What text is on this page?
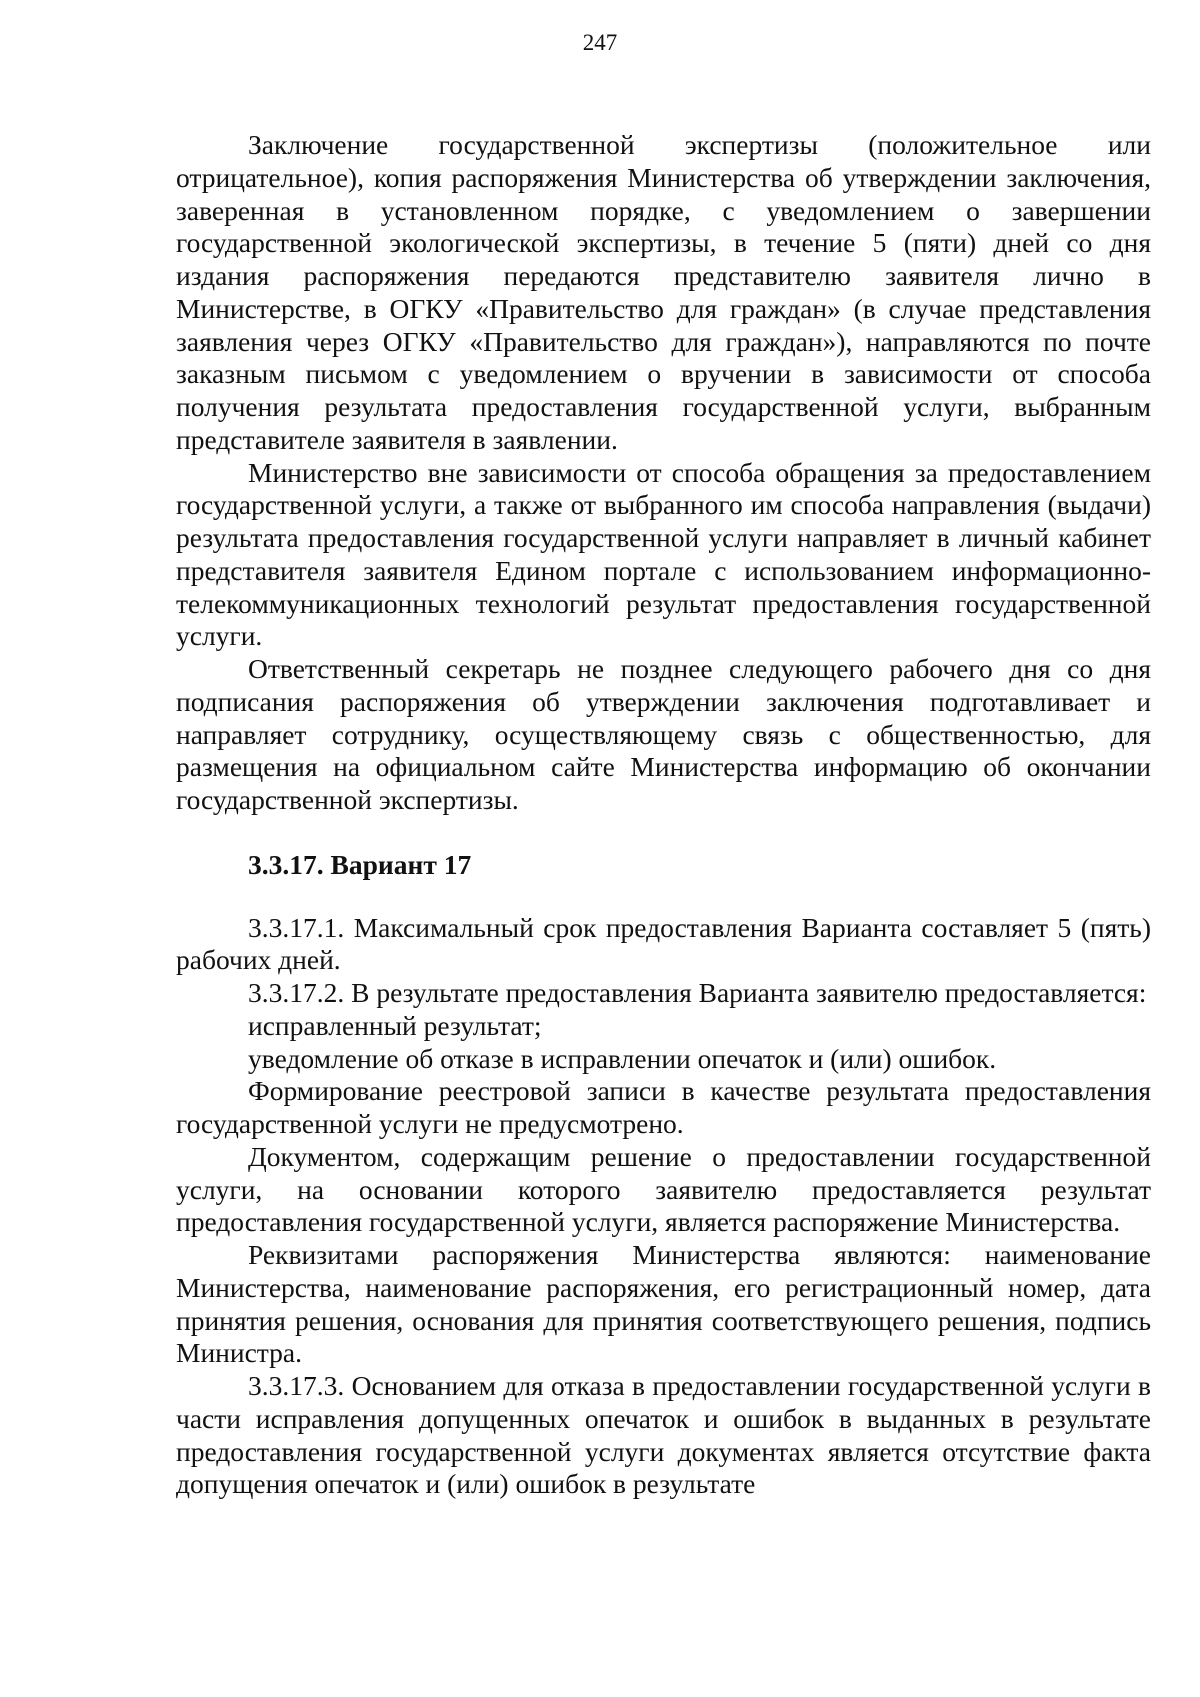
247

Заключение государственной экспертизы (положительное или отрицательное), копия распоряжения Министерства об утверждении заключения, заверенная в установленном порядке, с уведомлением о завершении государственной экологической экспертизы, в течение 5 (пяти) дней со дня издания распоряжения передаются представителю заявителя лично в Министерстве, в ОГКУ «Правительство для граждан» (в случае представления заявления через ОГКУ «Правительство для граждан»), направляются по почте заказным письмом с уведомлением о вручении в зависимости от способа получения результата предоставления государственной услуги, выбранным представителе заявителя в заявлении.

Министерство вне зависимости от способа обращения за предоставлением государственной услуги, а также от выбранного им способа направления (выдачи) результата предоставления государственной услуги направляет в личный кабинет представителя заявителя Едином портале с использованием информационно-телекоммуникационных технологий результат предоставления государственной услуги.

Ответственный секретарь не позднее следующего рабочего дня со дня подписания распоряжения об утверждении заключения подготавливает и направляет сотруднику, осуществляющему связь с общественностью, для размещения на официальном сайте Министерства информацию об окончании государственной экспертизы.

3.3.17. Вариант 17

3.3.17.1. Максимальный срок предоставления Варианта составляет 5 (пять) рабочих дней.

3.3.17.2. В результате предоставления Варианта заявителю предоставляется:

исправленный результат;

уведомление об отказе в исправлении опечаток и (или) ошибок.

Формирование реестровой записи в качестве результата предоставления государственной услуги не предусмотрено.

Документом, содержащим решение о предоставлении государственной услуги, на основании которого заявителю предоставляется результат предоставления государственной услуги, является распоряжение Министерства.

Реквизитами распоряжения Министерства являются: наименование Министерства, наименование распоряжения, его регистрационный номер, дата принятия решения, основания для принятия соответствующего решения, подпись Министра.

3.3.17.3. Основанием для отказа в предоставлении государственной услуги в части исправления допущенных опечаток и ошибок в выданных в результате предоставления государственной услуги документах является отсутствие факта допущения опечаток и (или) ошибок в результате
